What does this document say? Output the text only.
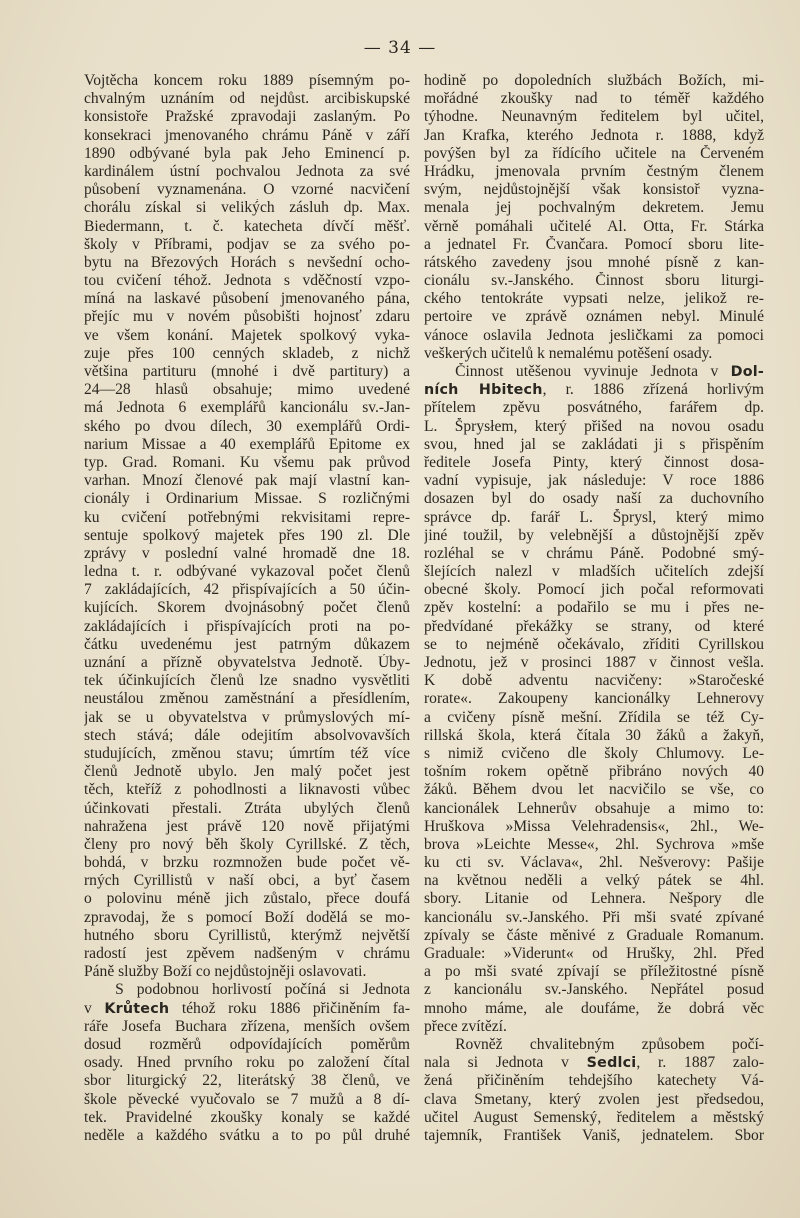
— 34 —
Vojtěcha koncem roku 1889 písemným po-
chvalným uznáním od nejdůst. arcibiskupské
konsistoře Pražské zpravodaji zaslaným. Po
konsekraci jmenovaného chrámu Páně v září
1890 odbývané byla pak Jeho Eminencí p.
kardinálem ústní pochvalou Jednota za své
působení vyznamenána. O vzorné nacvičení
chorálu získal si veliký́ch zásluh dp. Max.
Biedermann, t. č. katecheta dívčí měšť.
školy v Příbrami, podjav se za svého po-
bytu na Březových Horách s nevšední ocho-
tou cvičení téhož. Jednota s vděčností vzpo-
míná na laskavé působení jmenovaného pána,
přejíc mu v novém působišti hojnosť zdaru
ve všem konání. Majetek spolkový vyka-
zuje přes 100 cenných skladeb, z nichž
většina partituru (mnohé i dvě partitury) a
24—28 hlasů obsahuje; mimo uvedené
má Jednota 6 exemplářů kancionálu sv.-Jan-
ského po dvou dílech, 30 exemplářů Ordi-
narium Missae a 40 exemplářů Epitome ex
typ. Grad. Romani. Ku všemu pak průvod
varhan. Mnozí členové pak mají vlastní kan-
cionály i Ordinarium Missae. S rozličnými
ku cvičení potřebnými rekvisitami repre-
sentuje spolkový majetek přes 190 zl. Dle
zprávy v poslední valné hromadě dne 18.
ledna t. r. odbývané vykazoval počet členů
7 zakládajících, 42 přispívajících a 50 účin-
kujících. Skorem dvojnásobný počet členů
zakládajících i přispívajících proti na po-
čátku uvedenému jest patrným důkazem
uznání a přízně obyvatelstva Jednotě. Úby-
tek účinkujících členů lze snadno vysvětliti
neustálou změnou zaměstnání a přesídlením,
jak se u obyvatelstva v průmyslových mí-
stech stává; dále odejitím absolvovavších
studujících, změnou stavu; úmrtím též více
členů Jednotě ubylo. Jen malý počet jest
těch, kteříž z pohodlnosti a liknavosti vůbec
účinkovati přestali. Ztráta ubylých členů
nahražena jest právě 120 nově přijatými
členy pro nový běh školy Cyrillské. Z těch,
bohdá, v brzku rozmnožen bude počet vě-
rných Cyrillistů v naší obci, a byť časem
o polovinu méně jich zůstalo, přece doufá
zpravodaj, že s pomocí Boží dodělá se mo-
hutného sboru Cyrillistů, kterýmž největší
radostí jest zpěvem nadšeným v chrámu
Páně služby Boží co nejdůstojněji oslavovati.
S podobnou horlivostí počíná si Jednota
v Krůtech téhož roku 1886 přičiněním fa-
ráře Josefa Buchara zřízena, menších ovšem
dosud rozměrů odpovídajících poměrům
osady. Hned prvního roku po založení čítal
sbor liturgický 22, literátský 38 členů, ve
škole pěvecké vyučovalo se 7 mužů a 8 dí-
tek. Pravidelné zkoušky konaly se každé
neděle a každého svátku a to po půl druhé
hodině po dopoledních službách Božích, mi-
mořádné zkoušky nad to téměř každého
týhodne. Neunavným ředitelem byl učitel,
Jan Krafka, kterého Jednota r. 1888, když
povýšen byl za řídícího učitele na Červeném
Hrádku, jmenovala prvním čestným členem
svým, nejdůstojnější však konsistoř vyzna-
menala jej pochvalným dekretem. Jemu
věrně pomáhali učitelé Al. Otta, Fr. Stárka
a jednatel Fr. Čvančara. Pomocí sboru lite-
rátského zavedeny jsou mnohé písně z kan-
cionálu sv.-Janského. Činnost sboru liturgi-
ckého tentokráte vypsati nelze, jelikož re-
pertoire ve zprávě oznámen nebyl. Minulé
vánoce oslavila Jednota jesličkami za pomoci
veškerých učitelů k nemalému potěšení osady.
Činnost utěšenou vyvinuje Jednota v Dol-
ních Hbitech, r. 1886 zřízená horlivým
přítelem zpěvu posvátného, farářem dp.
L. Šprysłem, který přišed na novou osadu
svou, hned jal se zakládati ji s přispěním
ředitele Josefa Pinty, který činnost dosa-
vadní vypisuje, jak následuje: V roce 1886
dosazen byl do osady naší za duchovního
správce dp. farář L. Šprysl, který mimo
jiné toužil, by velebnější a důstojnější zpěv
rozléhal se v chrámu Páně. Podobné smý-
šlejících nalezl v mladších učitelích zdejší
obecné školy. Pomocí jich počal reformovati
zpěv kostelní: a podařilo se mu i přes ne-
předvídané překážky se strany, od které
se to nejméně očekávalo, zříditi Cyrillskou
Jednotu, jež v prosinci 1887 v činnost vešla.
K době adventu nacvičeny: »Staročeské
rorate«. Zakoupeny kancionálky Lehnerovy
a cvičeny písně mešní. Zřídila se též Cy-
rillská škola, která čítala 30 žáků a žakyň,
s nimiž cvičeno dle školy Chlumovy. Le-
tošním rokem opětně přibráno nových 40
žáků. Během dvou let nacvičilo se vše, co
kancionálek Lehnerův obsahuje a mimo to:
Hruškova »Missa Velehradensis«, 2hl., We-
brova »Leichte Messe«, 2hl. Sychrova »mše
ku cti sv. Václava«, 2hl. Nešverovy: Pašije
na květnou neděli a velký pátek se 4hl.
sbory. Litanie od Lehnera. Nešpory dle
kancionálu sv.-Janského. Při mši svaté zpívané
zpívaly se částe měnivé z Graduale Romanum.
Graduale: »Viderunt« od Hrušky, 2hl. Před
a po mši svaté zpívají se příležitostné písně
z kancionálu sv.-Janského. Nepřátel posud
mnoho máme, ale doufáme, že dobrá věc
přece zvítězí.
Rovněž chvalitebným způsobem počí-
nala si Jednota v Sedlci, r. 1887 zalo-
žená přičiněním tehdejšího katechety Vá-
clava Smetany, který zvolen jest předsedou,
učitel August Semenský, ředitelem a městský
tajemník, František Vaniš, jednatelem. Sbor
